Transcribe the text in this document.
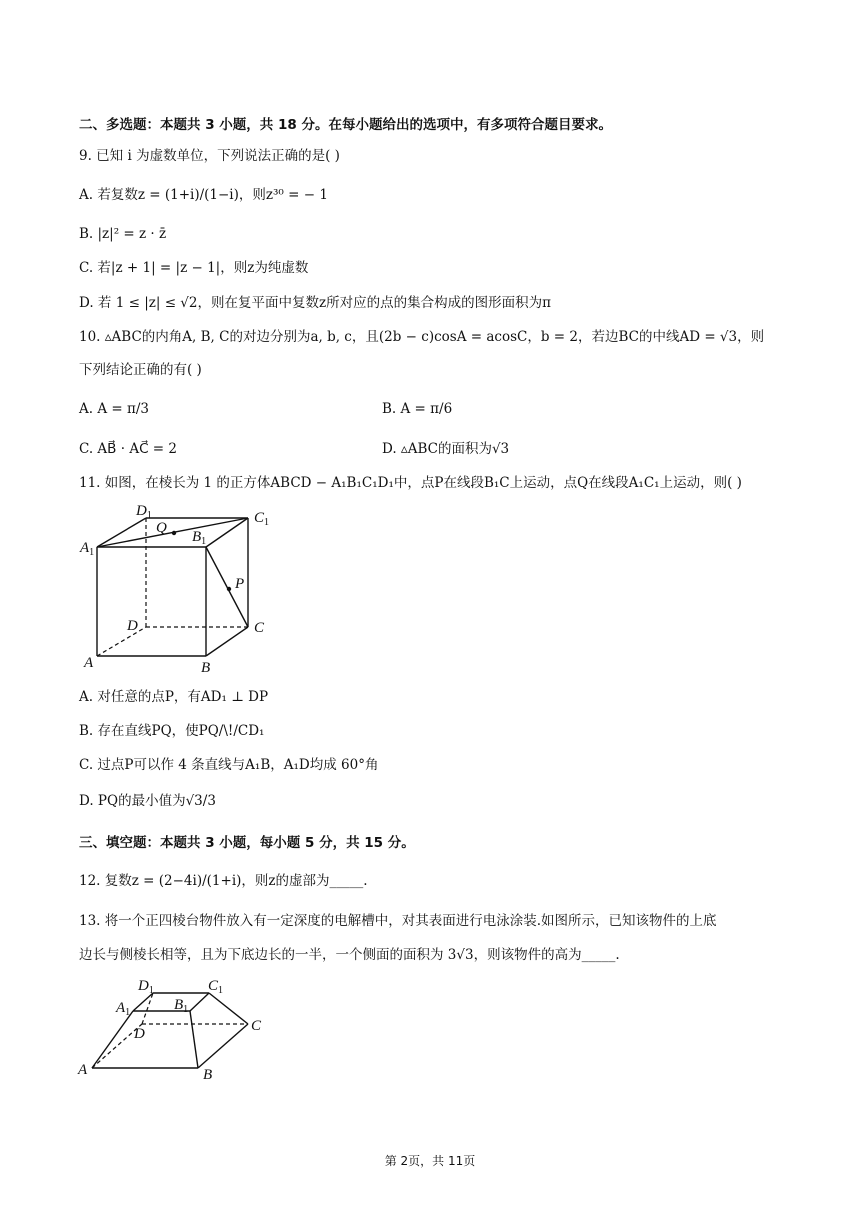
二、多选题：本题共 3 小题，共 18 分。在每小题给出的选项中，有多项符合题目要求。
9. 已知 i 为虚数单位，下列说法正确的是( )
A. 若复数z = (1+i)/(1−i)，则z³⁰ = − 1
B. |z|² = z · z̄
C. 若|z + 1| = |z − 1|，则z为纯虚数
D. 若 1 ≤ |z| ≤ √2，则在复平面中复数z所对应的点的集合构成的图形面积为π
10. ▵ABC的内角A, B, C的对边分别为a, b, c，且(2b − c)cosA = acosC，b = 2，若边BC的中线AD = √3，则
下列结论正确的有( )
A. A = π/3	B. A = π/6
C. AB⃗ · AC⃗ = 2	D. ▵ABC的面积为√3
11. 如图，在棱长为 1 的正方体ABCD − A₁B₁C₁D₁中，点P在线段B₁C上运动，点Q在线段A₁C₁上运动，则( )
$D_1$	$C_1$
$A_1$
$B_1$
Q
P
D	C
A	B
$D_1$	$C_1$
$A_1$	$B_1$
D	C
A	B
A. 对任意的点P，有AD₁ ⊥ DP
B. 存在直线PQ，使PQ/\!/CD₁
C. 过点P可以作 4 条直线与A₁B，A₁D均成 60°角
D. PQ的最小值为√3/3
三、填空题：本题共 3 小题，每小题 5 分，共 15 分。
12. 复数z = (2−4i)/(1+i)，则z的虚部为_____.
13. 将一个正四棱台物件放入有一定深度的电解槽中，对其表面进行电泳涂装.如图所示，已知该物件的上底
边长与侧棱长相等，且为下底边长的一半，一个侧面的面积为 3√3，则该物件的高为_____.
第 2页，共 11页
